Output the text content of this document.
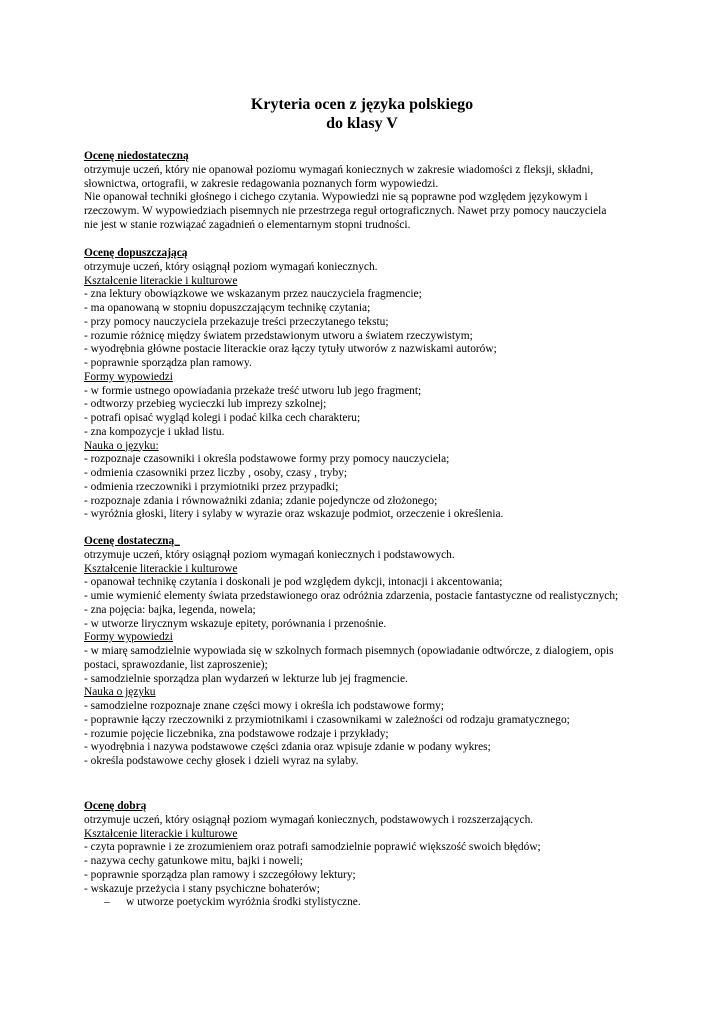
Kryteria ocen z języka polskiego
do klasy V
Ocenę niedostateczną
otrzymuje uczeń, który nie opanował poziomu wymagań koniecznych w zakresie wiadomości z fleksji, składni,
słownictwa, ortografii, w zakresie redagowania poznanych form wypowiedzi.
Nie opanował techniki głośnego i cichego czytania. Wypowiedzi nie są poprawne pod względem językowym i
rzeczowym. W wypowiedziach pisemnych nie przestrzega reguł ortograficznych. Nawet przy pomocy nauczyciela
nie jest w stanie rozwiązać zagadnień o elementarnym stopni trudności.
Ocenę dopuszczającą
otrzymuje uczeń, który osiągnął poziom wymagań koniecznych.
Kształcenie literackie i kulturowe
- zna lektury obowiązkowe we wskazanym przez nauczyciela fragmencie;
- ma opanowaną w stopniu dopuszczającym technikę czytania;
- przy pomocy nauczyciela przekazuje treści przeczytanego tekstu;
- rozumie różnicę między światem przedstawionym utworu a światem rzeczywistym;
- wyodrębnia główne postacie literackie oraz łączy tytuły utworów z nazwiskami autorów;
- poprawnie sporządza plan ramowy.
Formy wypowiedzi
- w formie ustnego opowiadania przekaże treść utworu lub jego fragment;
- odtworzy przebieg wycieczki lub imprezy szkolnej;
- potrafi opisać wygląd kolegi i podać kilka cech charakteru;
- zna kompozycje i układ listu.
Nauka o języku:
- rozpoznaje czasowniki i określa podstawowe formy przy pomocy nauczyciela;
- odmienia czasowniki przez liczby , osoby, czasy , tryby;
- odmienia rzeczowniki i przymiotniki przez przypadki;
- rozpoznaje zdania i równoważniki zdania; zdanie pojedyncze od złożonego;
- wyróżnia głoski, litery i sylaby w wyrazie oraz wskazuje podmiot, orzeczenie i określenia.
Ocenę dostateczną_
otrzymuje uczeń, który osiągnął poziom wymagań koniecznych i podstawowych.
Kształcenie literackie i kulturowe
- opanował technikę czytania i doskonali je pod względem dykcji, intonacji i akcentowania;
- umie wymienić elementy świata przedstawionego oraz odróżnia zdarzenia, postacie fantastyczne od realistycznych;
- zna pojęcia: bajka, legenda, nowela;
- w utworze lirycznym wskazuje epitety, porównania i przenośnie.
Formy wypowiedzi
- w miarę samodzielnie wypowiada się w szkolnych formach pisemnych (opowiadanie odtwórcze, z dialogiem, opis
postaci, sprawozdanie, list zaproszenie);
- samodzielnie sporządza plan wydarzeń w lekturze lub jej fragmencie.
Nauka o języku
- samodzielne rozpoznaje znane części mowy i określa ich podstawowe formy;
- poprawnie łączy rzeczowniki z przymiotnikami i czasownikami w zależności od rodzaju gramatycznego;
- rozumie pojęcie liczebnika, zna podstawowe rodzaje i przykłady;
- wyodrębnia i nazywa podstawowe części zdania oraz wpisuje zdanie w podany wykres;
- określa podstawowe cechy głosek i dzieli wyraz na sylaby.
Ocenę dobrą
otrzymuje uczeń, który osiągnął poziom wymagań koniecznych, podstawowych i rozszerzających.
Kształcenie literackie i kulturowe
- czyta poprawnie i ze zrozumieniem oraz potrafi samodzielnie poprawić większość swoich błędów;
- nazywa cechy gatunkowe mitu, bajki i noweli;
- poprawnie sporządza plan ramowy i szczegółowy lektury;
- wskazuje przeżycia i stany psychiczne bohaterów;
– w utworze poetyckim wyróżnia środki stylistyczne.
